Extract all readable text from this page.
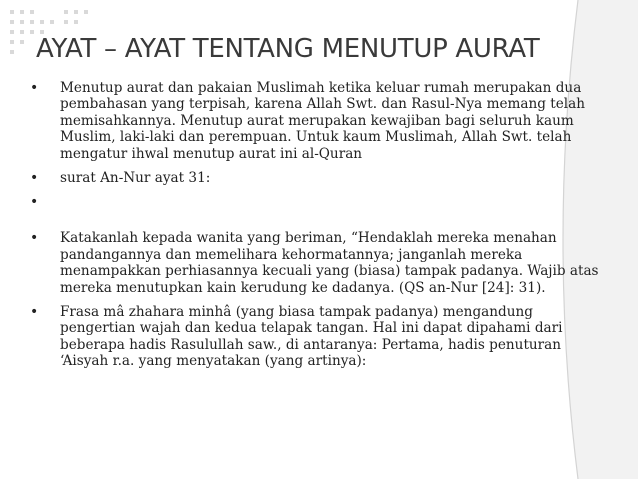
AYAT – AYAT TENTANG MENUTUP AURAT
• Menutup aurat dan pakaian Muslimah ketika keluar rumah merupakan dua pembahasan yang terpisah, karena Allah Swt. dan Rasul-Nya memang telah memisahkannya. Menutup aurat merupakan kewajiban bagi seluruh kaum Muslim, laki-laki dan perempuan. Untuk kaum Muslimah, Allah Swt. telah mengatur ihwal menutup aurat ini al-Quran
• surat An-Nur ayat 31:
•
• Katakanlah kepada wanita yang beriman, “Hendaklah mereka menahan pandangannya dan memelihara kehormatannya; janganlah mereka menampakkan perhiasannya kecuali yang (biasa) tampak padanya. Wajib atas mereka menutupkan kain kerudung ke dadanya. (QS an-Nur [24]: 31).
• Frasa mâ zhahara minhâ (yang biasa tampak padanya) mengandung pengertian wajah dan kedua telapak tangan. Hal ini dapat dipahami dari beberapa hadis Rasulullah saw., di antaranya: Pertama, hadis penuturan ‘Aisyah r.a. yang menyatakan (yang artinya):
